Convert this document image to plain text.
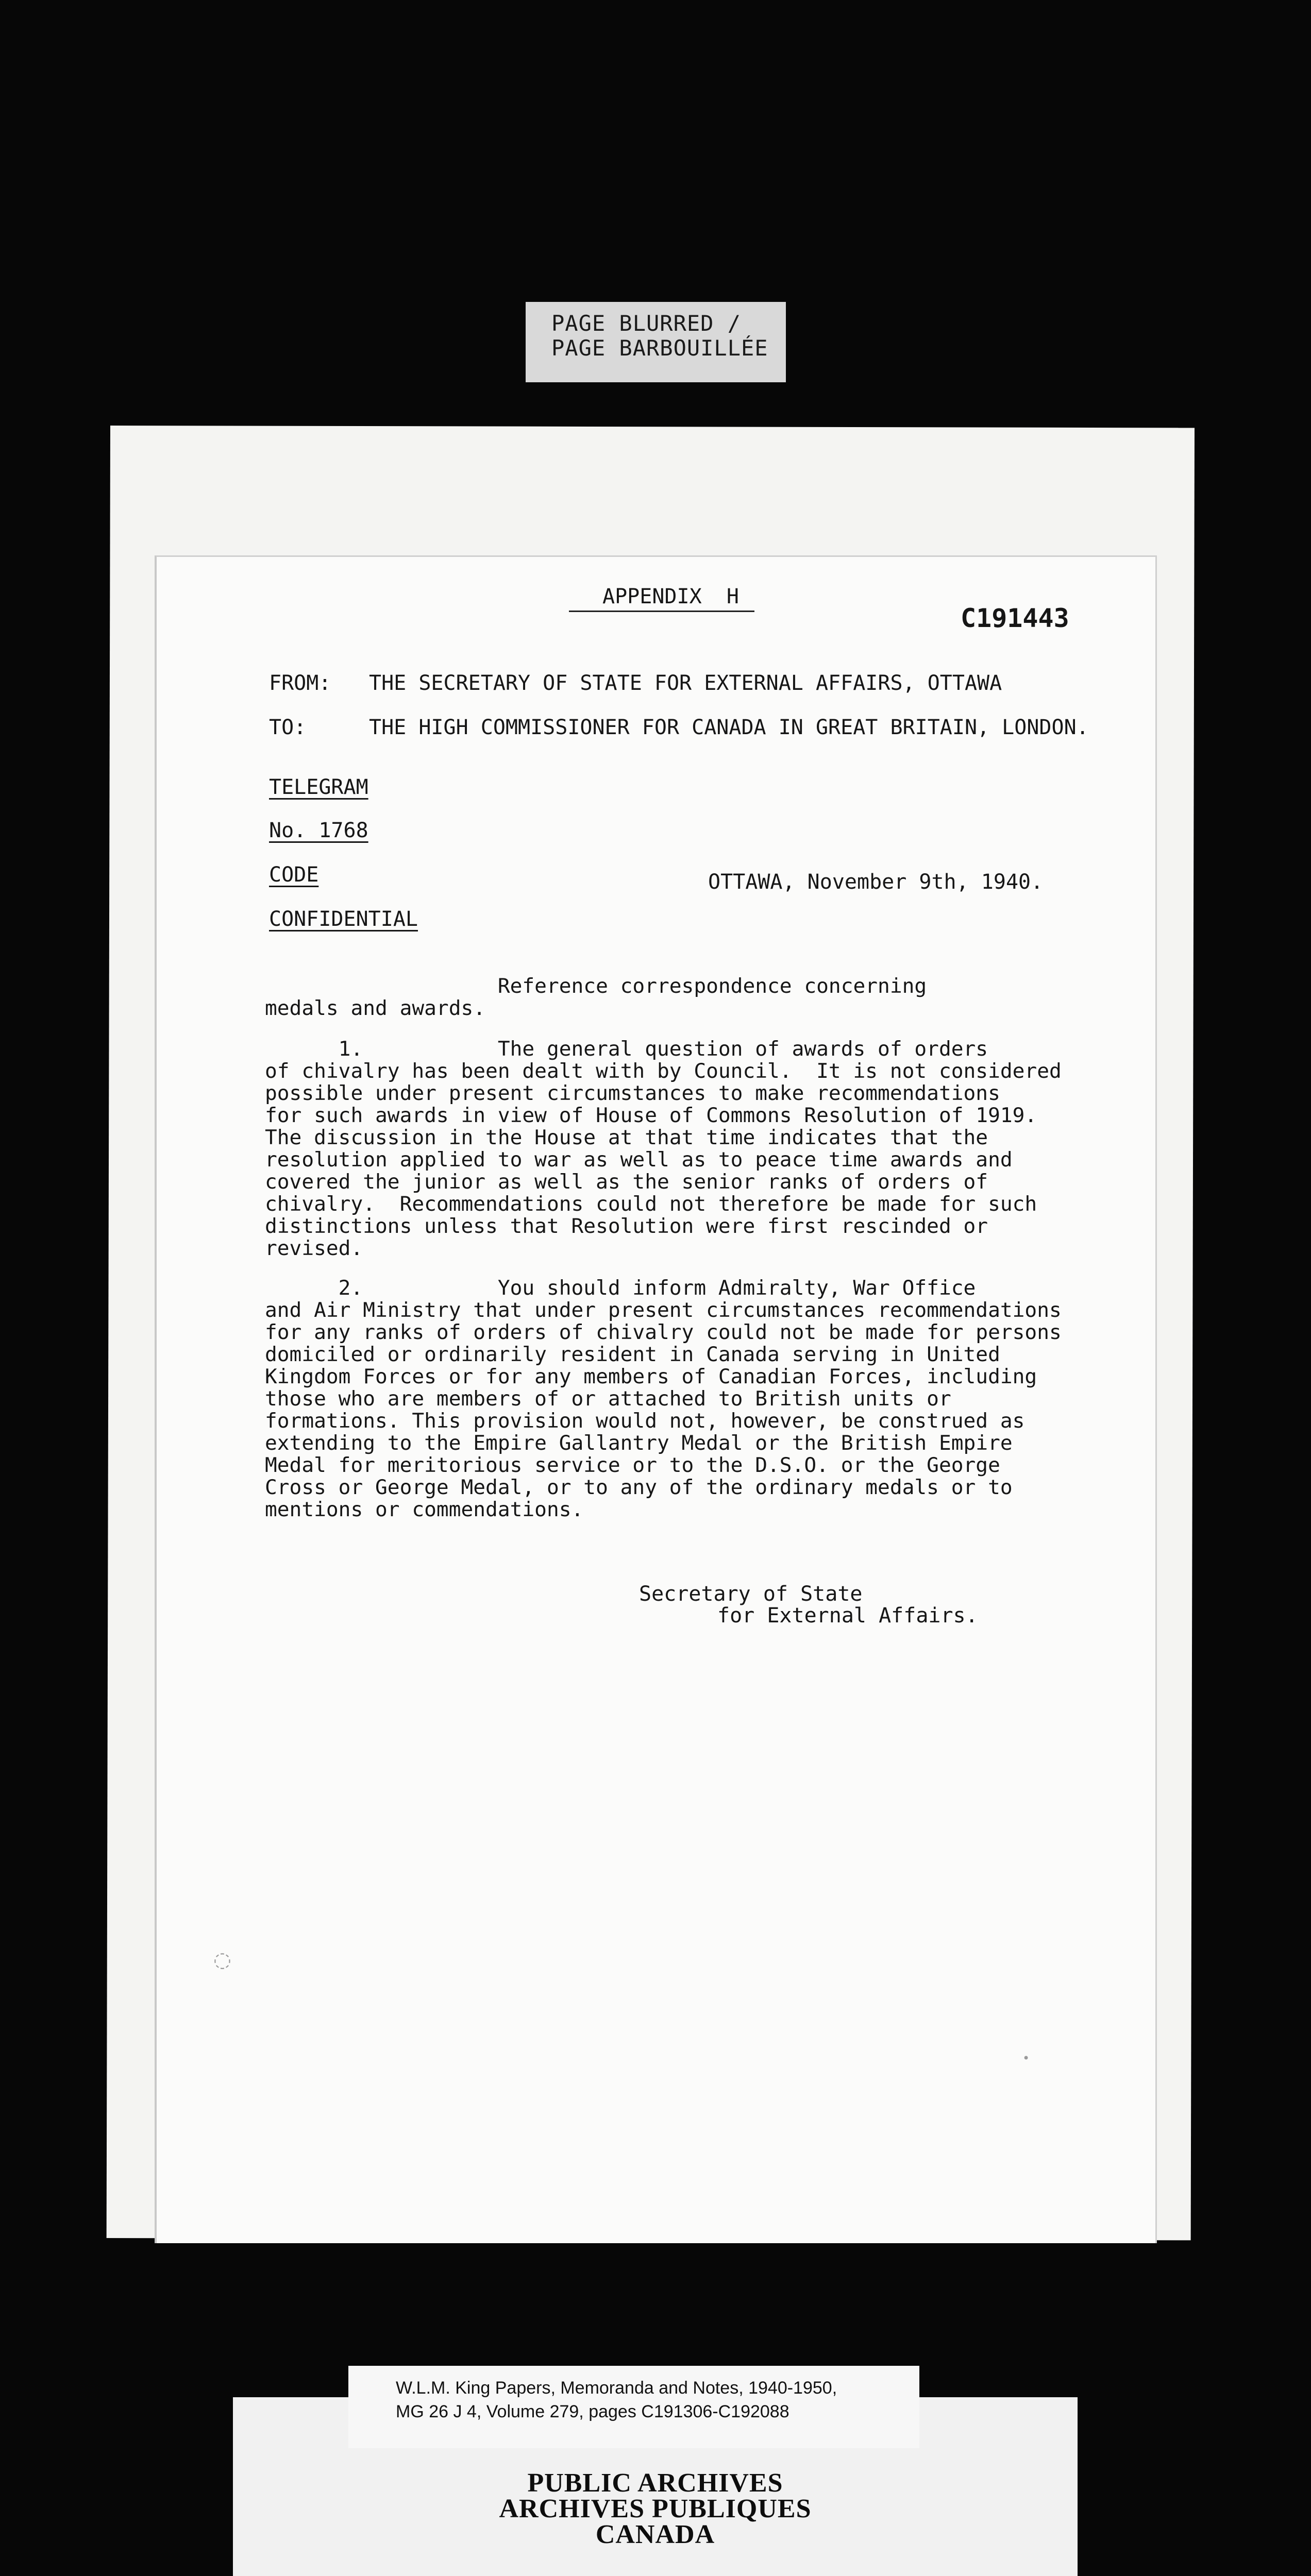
PAGE BLURRED /
PAGE BARBOUILLÉE
APPENDIX  H
C191443
FROM: THE SECRETARY OF STATE FOR EXTERNAL AFFAIRS, OTTAWA
TO:	THE HIGH COMMISSIONER FOR CANADA IN GREAT BRITAIN, LONDON.
TELEGRAM
No. 1768
CODE	OTTAWA, November 9th, 1940.
CONFIDENTIAL
Reference correspondence concerning
medals and awards.
1.           The general question of awards of orders
of chivalry has been dealt with by Council.  It is not considered
possible under present circumstances to make recommendations
for such awards in view of House of Commons Resolution of 1919.
The discussion in the House at that time indicates that the
resolution applied to war as well as to peace time awards and
covered the junior as well as the senior ranks of orders of
chivalry.  Recommendations could not therefore be made for such
distinctions unless that Resolution were first rescinded or
revised.
2.           You should inform Admiralty, War Office
and Air Ministry that under present circumstances recommendations
for any ranks of orders of chivalry could not be made for persons
domiciled or ordinarily resident in Canada serving in United
Kingdom Forces or for any members of Canadian Forces, including
those who are members of or attached to British units or
formations. This provision would not, however, be construed as
extending to the Empire Gallantry Medal or the British Empire
Medal for meritorious service or to the D.S.O. or the George
Cross or George Medal, or to any of the ordinary medals or to
mentions or commendations.
Secretary of State
for External Affairs.
◌
•
W.L.M. King Papers, Memoranda and Notes, 1940-1950,
MG 26 J 4, Volume 279, pages C191306-C192088
PUBLIC ARCHIVES
ARCHIVES PUBLIQUES
CANADA
